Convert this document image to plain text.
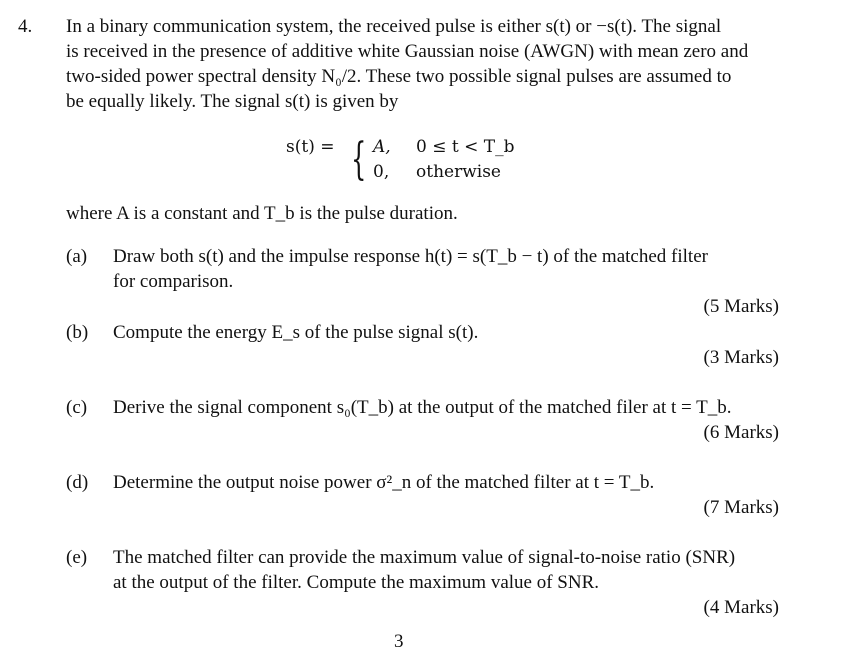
4. In a binary communication system, the received pulse is either s(t) or −s(t). The signal

is received in the presence of additive white Gaussian noise (AWGN) with mean zero and

two-sided power spectral density N₀/2. These two possible signal pulses are assumed to

be equally likely. The signal s(t) is given by

s(t) = { A, 0 ≤ t < T_b
0, otherwise
where A is a constant and T_b is the pulse duration.
(a) Draw both s(t) and the impulse response h(t) = s(T_b − t) of the matched filter
for comparison.
(5 Marks)
(b) Compute the energy E_s of the pulse signal s(t).
(3 Marks)
(c) Derive the signal component s₀(T_b) at the output of the matched filer at t = T_b.
(6 Marks)
(d) Determine the output noise power σ²_n of the matched filter at t = T_b.
(7 Marks)
(e) The matched filter can provide the maximum value of signal-to-noise ratio (SNR)
at the output of the filter. Compute the maximum value of SNR.
(4 Marks)
3
